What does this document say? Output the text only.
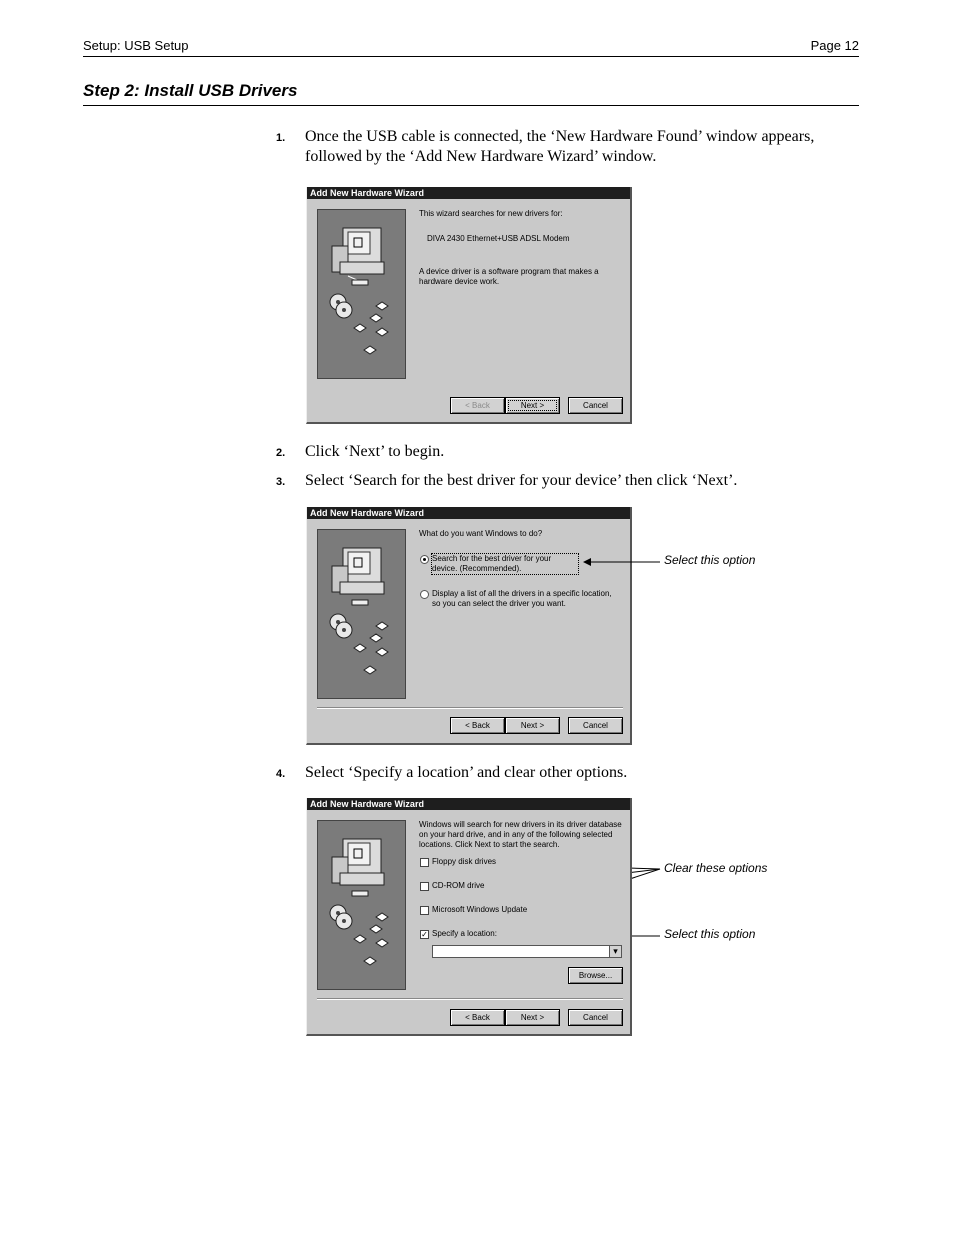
Setup: USB Setup	Page 12
Step 2: Install USB Drivers
1. Once the USB cable is connected, the ‘New Hardware Found’ window appears, followed by the ‘Add New Hardware Wizard’ window.
Add New Hardware Wizard
This wizard searches for new drivers for:
DIVA 2430 Ethernet+USB ADSL Modem
A device driver is a software program that makes a hardware device work.
< Back	Next >	Cancel
2. Click ‘Next’ to begin.
3. Select ‘Search for the best driver for your device’ then click ‘Next’.
Add New Hardware Wizard
What do you want Windows to do?
Search for the best driver for your device. (Recommended).
Display a list of all the drivers in a specific location, so you can select the driver you want.
< Back	Next >	Cancel
Select this option
4. Select ‘Specify a location’ and clear other options.
Add New Hardware Wizard
Windows will search for new drivers in its driver database on your hard drive, and in any of the following selected locations. Click Next to start the search.
Floppy disk drives
CD-ROM drive
Microsoft Windows Update
✓ Specify a location:
▾
Browse...
< Back	Next >	Cancel
Clear these options
Select this option
